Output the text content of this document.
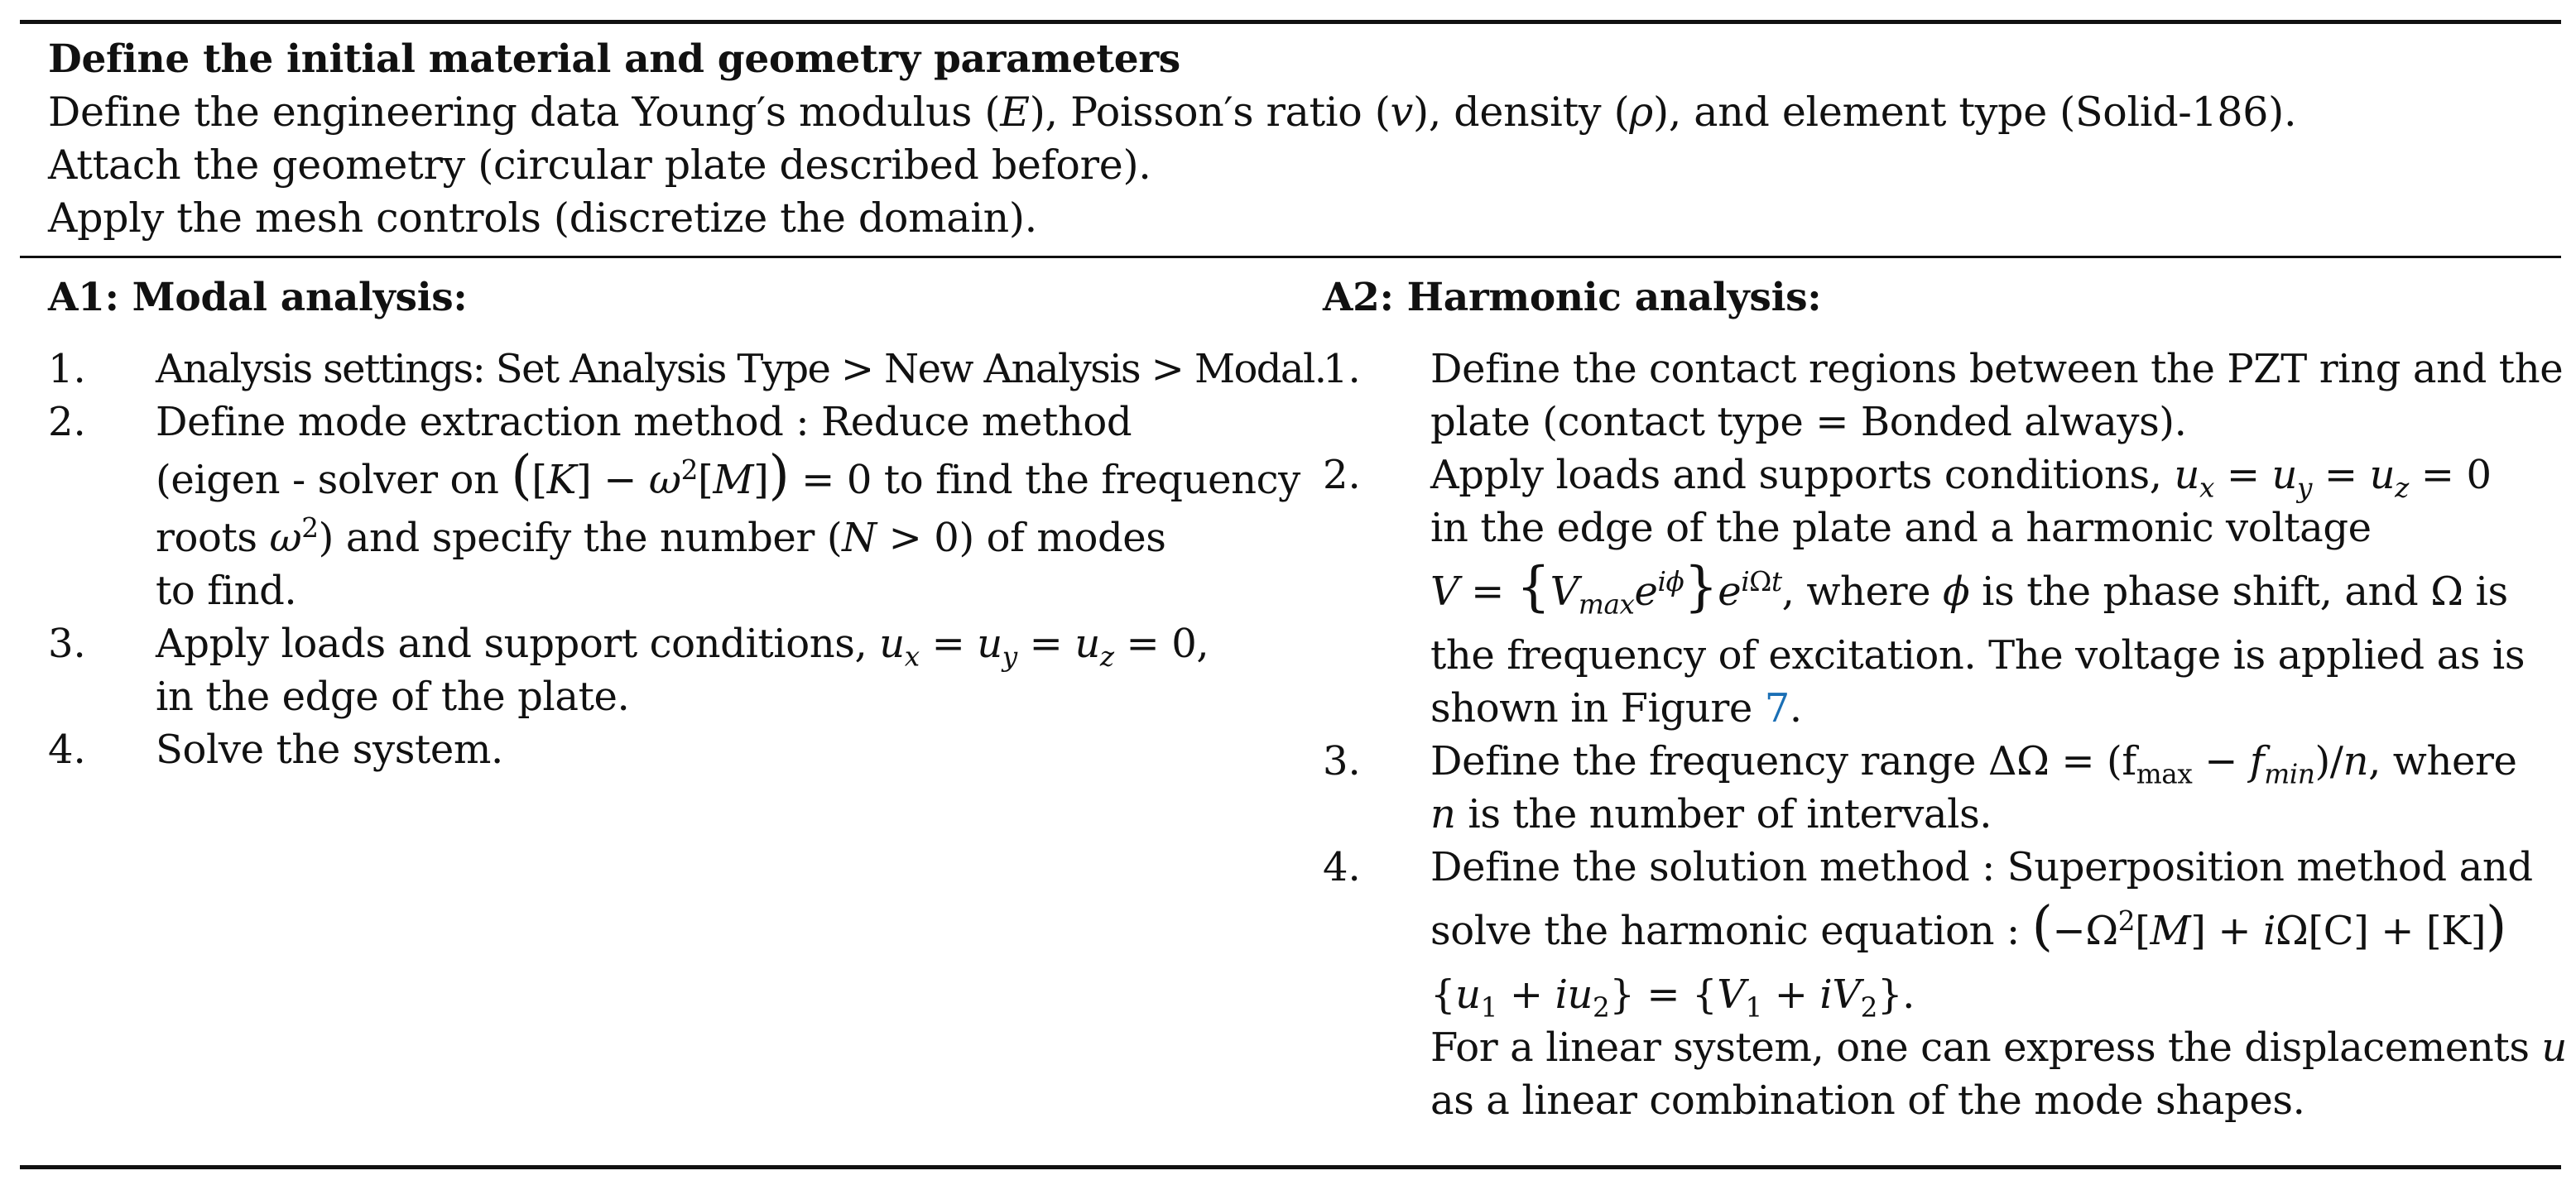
Define the initial material and geometry parameters
Define the engineering data Young′s modulus (E), Poisson′s ratio (v), density (ρ), and element type (Solid-186).
Attach the geometry (circular plate described before).
Apply the mesh controls (discretize the domain).
A1: Modal analysis:
1. Analysis settings: Set Analysis Type > New Analysis > Modal.
2. Define mode extraction method : Reduce method
(eigen - solver on $([K] - \omega^2[M]) = 0$ to find the frequency
roots $\omega^2$) and specify the number (N > 0) of modes
to find.
3. Apply loads and support conditions, $u_x = u_y = u_z = 0$,
in the edge of the plate.
4. Solve the system.
A2: Harmonic analysis:
1. Define the contact regions between the PZT ring and the
plate (contact type = Bonded always).
2. Apply loads and supports conditions, $u_x = u_y = u_z = 0$
in the edge of the plate and a harmonic voltage
$V = \{V_{max}e^{i\phi}\}e^{i\Omega t}$, where ϕ is the phase shift, and Ω is
the frequency of excitation. The voltage is applied as is
shown in Figure 7.
3. Define the frequency range $\Delta\Omega = (f_{max} - f_{min})/n$, where
n is the number of intervals.
4. Define the solution method : Superposition method and
solve the harmonic equation : $(-\Omega^2[M] + i\Omega[C] + [K])$
$\{u_1 + iu_2\} = \{V_1 + iV_2\}$.
For a linear system, one can express the displacements u
as a linear combination of the mode shapes.
